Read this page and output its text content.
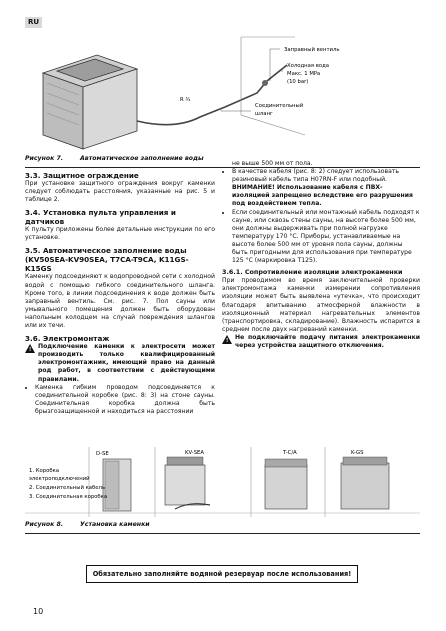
RU
Заправный вентиль
Холодная вода
Макс. 1 MPa
(10 bar)
Соединительный
шланг
R ¾
Рисунок 7.	Автоматическое заполнение воды
3.3. Защитное ограждение

При установке защитного ограждения вокруг каменки следует соблюдать расстояния, указанные на рис. 5 и таблице 2.

3.4. Установка пульта управления и датчиков

К пульту приложены более детальные инструкции по его установке.

3.5. Автоматическое заполнение воды (KV50SEA-KV90SEA, T7CA-T9CA, K11GS-K15GS

Каменку подсоединяют к водопроводной сети с холодной водой с помощью гибкого соединительного шланга. Кроме того, в линии подсоединения к воде должен быть заправный вентиль. См. рис. 7. Пол сауны или умывального помещения должен быть оборудован напольным колодцем на случай повреждения шлангов или их течи.

3.6. Электромонтаж
! Подключение каменки к электросети может производить только квалифицированный электромонтажник, имеющий право на данный род работ, в соответствии с действующими правилами.

• Каменка гибким проводом подсоединяется к соединительной коробке (рис. 8: 3) на стоне сауны. Соединительная коробка должна быть брызгозащищенной и находиться на расстоянии

не выше 500 мм от пола.

• В качестве кабеля (рис. 8: 2) следует использовать резиновый кабель типа H07RN-F или подобный. ВНИМАНИЕ! Использование кабеля с ПВХ-изоляцией запрещено вследствие его разрушения под воздействием тепла.
• Если соединительный или монтажный кабель подходят к сауне, или сквозь стены сауны, на высоте более 500 мм, они должны выдерживать при полной нагрузке температуру 170 °С. Приборы, устанавливаемые на высоте более 500 мм от уровня пола сауны, должны быть пригодными для использования при температуре 125 °С (маркировка T125).
3.6.1. Сопротивление изоляции электрокаменки

При проводимом во время заключительной проверки электромонтажа каменки измерении сопротивления изоляции может быть выявлена «утечка», что происходит благодаря впитыванию атмосферной влажности в изоляционный материал нагревательных элементов (транспортировка, складирование). Влажность испарится в среднем после двух нагреваний каменки.

! Не подключайте подачу питания электрокаменки через устройства защитного отключения.

D-SE	KV-SEA	T-C/A	K-GS
1. Коробка
электроподключений
2. Соединительный кабель
3. Соединительная коробка
Рисунок 8.	Установка каменки
Обязательно заполняйте водяной резервуар после использования!
10
